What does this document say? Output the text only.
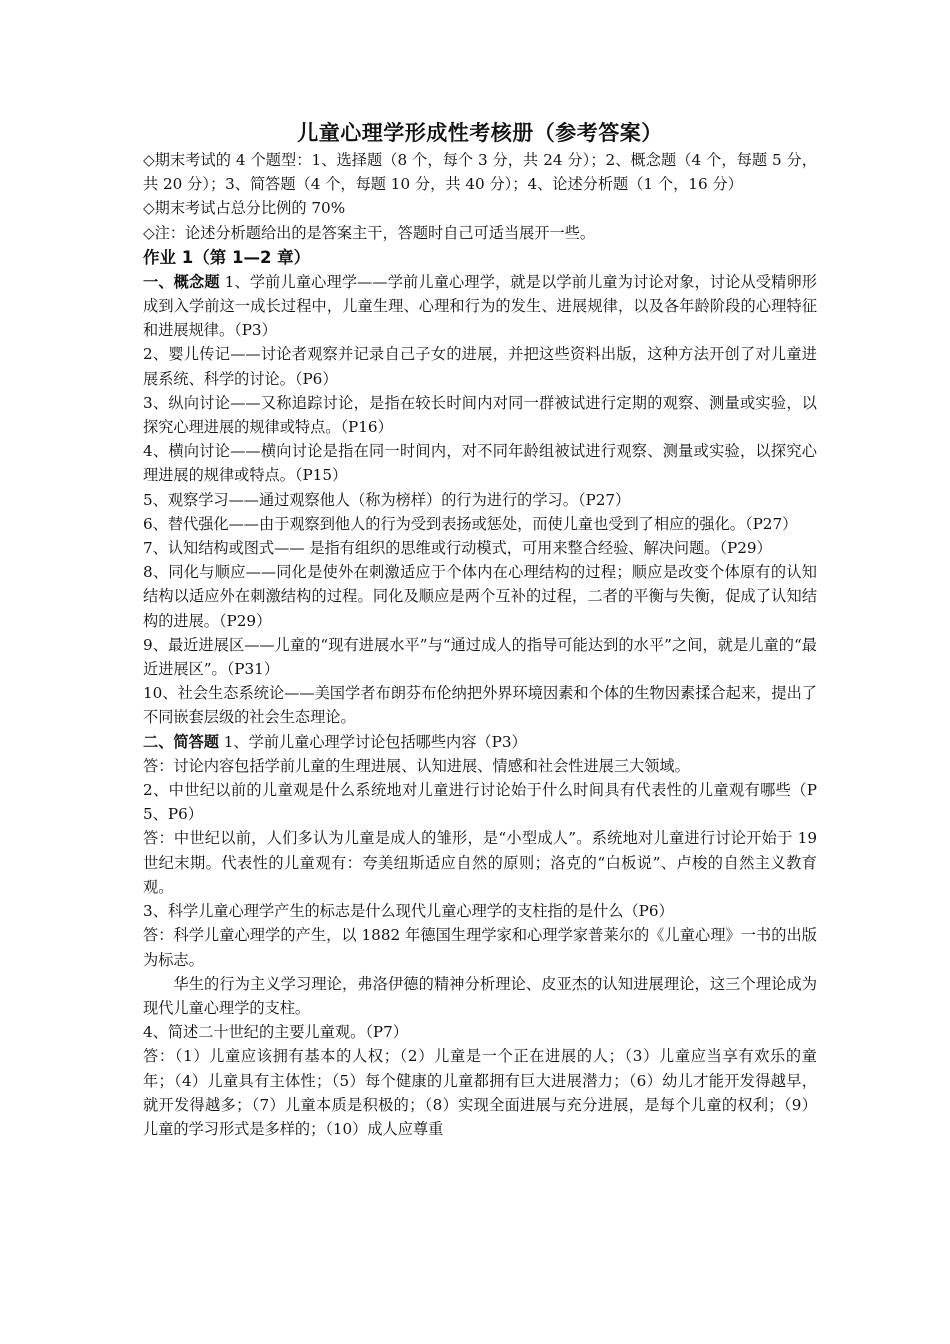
儿童心理学形成性考核册（参考答案）

◇期末考试的 4 个题型：1、选择题（8 个，每个 3 分，共 24 分）；2、概念题（4 个，每题 5 分，共 20 分）；3、简答题（4 个，每题 10 分，共 40 分）；4、论述分析题（1 个，16 分）

◇期末考试占总分比例的 70%

◇注：论述分析题给出的是答案主干，答题时自己可适当展开一些。

作业 1（第 1—2 章）

一、概念题 1、学前儿童心理学——学前儿童心理学，就是以学前儿童为讨论对象，讨论从受精卵形成到入学前这一成长过程中，儿童生理、心理和行为的发生、进展规律，以及各年龄阶段的心理特征和进展规律。（P3）

2、婴儿传记——讨论者观察并记录自己子女的进展，并把这些资料出版，这种方法开创了对儿童进展系统、科学的讨论。（P6）

3、纵向讨论——又称追踪讨论，是指在较长时间内对同一群被试进行定期的观察、测量或实验，以探究心理进展的规律或特点。（P16）

4、横向讨论——横向讨论是指在同一时间内，对不同年龄组被试进行观察、测量或实验，以探究心理进展的规律或特点。（P15）

5、观察学习——通过观察他人（称为榜样）的行为进行的学习。（P27）

6、替代强化——由于观察到他人的行为受到表扬或惩处，而使儿童也受到了相应的强化。（P27）

7、认知结构或图式—— 是指有组织的思维或行动模式，可用来整合经验、解决问题。（P29）

8、同化与顺应——同化是使外在刺激适应于个体内在心理结构的过程；顺应是改变个体原有的认知结构以适应外在刺激结构的过程。同化及顺应是两个互补的过程，二者的平衡与失衡，促成了认知结构的进展。（P29）

9、最近进展区——儿童的“现有进展水平”与“通过成人的指导可能达到的水平”之间，就是儿童的“最近进展区”。（P31）

10、社会生态系统论——美国学者布朗芬布伦纳把外界环境因素和个体的生物因素揉合起来，提出了不同嵌套层级的社会生态理论。

二、简答题 1、学前儿童心理学讨论包括哪些内容（P3）

答：讨论内容包括学前儿童的生理进展、认知进展、情感和社会性进展三大领域。

2、中世纪以前的儿童观是什么系统地对儿童进行讨论始于什么时间具有代表性的儿童观有哪些（P5、P6）

答：中世纪以前，人们多认为儿童是成人的雏形，是“小型成人”。系统地对儿童进行讨论开始于 19 世纪末期。代表性的儿童观有：夸美纽斯适应自然的原则；洛克的“白板说”、卢梭的自然主义教育观。

3、科学儿童心理学产生的标志是什么现代儿童心理学的支柱指的是什么（P6）

答：科学儿童心理学的产生，以 1882 年德国生理学家和心理学家普莱尔的《儿童心理》一书的出版为标志。

华生的行为主义学习理论，弗洛伊德的精神分析理论、皮亚杰的认知进展理论，这三个理论成为现代儿童心理学的支柱。

4、简述二十世纪的主要儿童观。（P7）

答：（1）儿童应该拥有基本的人权；（2）儿童是一个正在进展的人；（3）儿童应当享有欢乐的童年；（4）儿童具有主体性；（5）每个健康的儿童都拥有巨大进展潜力；（6）幼儿才能开发得越早，就开发得越多；（7）儿童本质是积极的；（8）实现全面进展与充分进展，是每个儿童的权利；（9）儿童的学习形式是多样的；（10）成人应尊重
